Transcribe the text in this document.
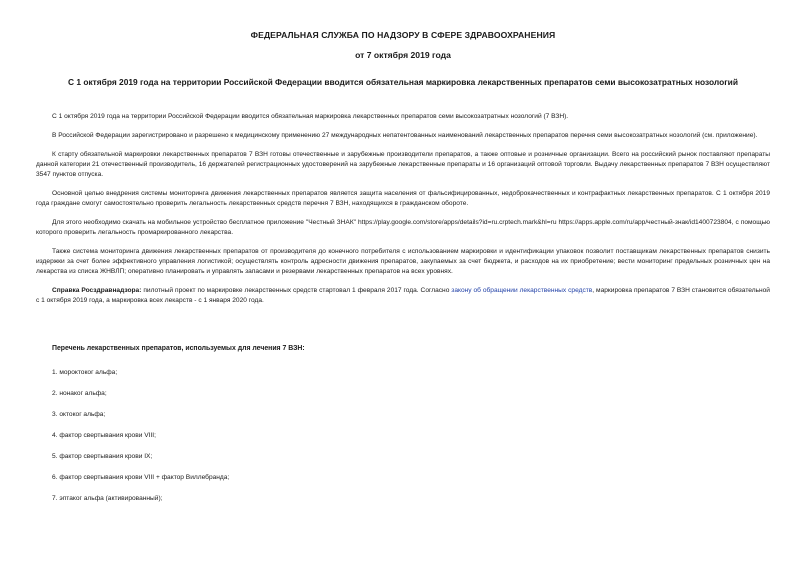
ФЕДЕРАЛЬНАЯ СЛУЖБА ПО НАДЗОРУ В СФЕРЕ ЗДРАВООХРАНЕНИЯ
от 7 октября 2019 года
С 1 октября 2019 года на территории Российской Федерации вводится обязательная маркировка лекарственных препаратов семи высокозатратных нозологий

С 1 октября 2019 года на территории Российской Федерации вводится обязательная маркировка лекарственных препаратов семи высокозатратных нозологий (7 ВЗН).

В Российской Федерации зарегистрировано и разрешено к медицинскому применению 27 международных непатентованных наименований лекарственных препаратов перечня семи высокозатратных нозологий (см. приложение).

К старту обязательной маркировки лекарственных препаратов 7 ВЗН готовы отечественные и зарубежные производители препаратов, а также оптовые и розничные организации. Всего на российский рынок поставляют препараты данной категории 21 отечественный производитель, 16 держателей регистрационных удостоверений на зарубежные лекарственные препараты и 16 организаций оптовой торговли. Выдачу лекарственных препаратов 7 ВЗН осуществляют 3547 пунктов отпуска.

Основной целью внедрения системы мониторинга движения лекарственных препаратов является защита населения от фальсифицированных, недоброкачественных и контрафактных лекарственных препаратов. С 1 октября 2019 года граждане смогут самостоятельно проверить легальность лекарственных средств перечня 7 ВЗН, находящихся в гражданском обороте.

Для этого необходимо скачать на мобильное устройство бесплатное приложение "Честный ЗНАК" https://play.google.com/store/apps/details?id=ru.crptech.mark&hl=ru https://apps.apple.com/ru/app/честный-знак/id1400723804, с помощью которого проверить легальность промаркированного лекарства.

Также система мониторинга движения лекарственных препаратов от производителя до конечного потребителя с использованием маркировки и идентификации упаковок позволит поставщикам лекарственных препаратов снизить издержки за счет более эффективного управления логистикой; осуществлять контроль адресности движения препаратов, закупаемых за счет бюджета, и расходов на их приобретение; вести мониторинг предельных розничных цен на лекарства из списка ЖНВЛП; оперативно планировать и управлять запасами и резервами лекарственных препаратов на всех уровнях.

Справка Росздравнадзора: пилотный проект по маркировке лекарственных средств стартовал 1 февраля 2017 года. Согласно закону об обращении лекарственных средств, маркировка препаратов 7 ВЗН становится обязательной с 1 октября 2019 года, а маркировка всех лекарств - с 1 января 2020 года.

Перечень лекарственных препаратов, используемых для лечения 7 ВЗН:
1. мороктоког альфа;
2. нонаког альфа;
3. октоког альфа;
4. фактор свертывания крови VIII;
5. фактор свертывания крови IX;
6. фактор свертывания крови VIII + фактор Виллебранда;
7. эптаког альфа (активированный);
